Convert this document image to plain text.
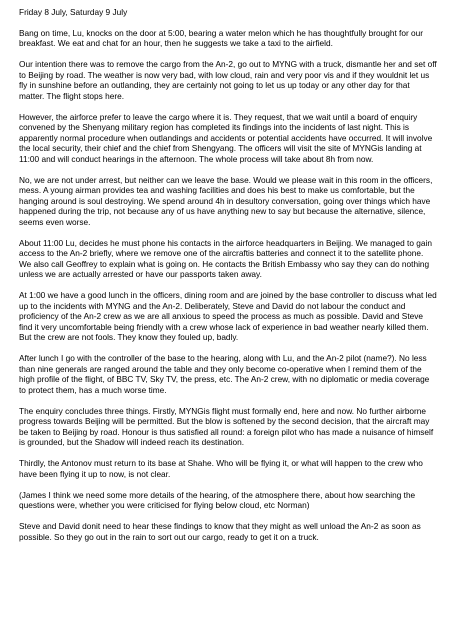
Friday 8 July, Saturday 9 July

Bang on time, Lu, knocks on the door at 5:00, bearing a water melon which he has thoughtfully brought for our breakfast. We eat and chat for an hour, then he suggests we take a taxi to the airfield.

Our intention there was to remove the cargo from the An-2, go out to MYNG with a truck, dismantle her and set off to Beijing by road. The weather is now very bad, with low cloud, rain and very poor vis and if they wouldnit let us fly in sunshine before an outlanding, they are certainly not going to let us up today or any other day for that matter. The flight stops here.

However, the airforce prefer to leave the cargo where it is. They request, that we wait until a board of enquiry convened by the Shenyang military region has completed its findings into the incidents of last night. This is apparently normal procedure when outlandings and accidents or potential accidents have occurred. It will involve the local security, their chief and the chief from Shengyang. The officers will visit the site of MYNGis landing at 11:00 and will conduct hearings in the afternoon. The whole process will take about 8h from now.

No, we are not under arrest, but neither can we leave the base. Would we please wait in this room in the officers, mess. A young airman provides tea and washing facilities and does his best to make us comfortable, but the hanging around is soul destroying. We spend around 4h in desultory conversation, going over things which have happened during the trip, not because any of us have anything new to say but because the alternative, silence, seems even worse.

About 11:00 Lu, decides he must phone his contacts in the airforce headquarters in Beijing. We managed to gain access to the An-2 briefly, where we remove one of the aircraftis batteries and connect it to the satellite phone. We also call Geoffrey to explain what is going on. He contacts the British Embassy who say they can do nothing unless we are actually arrested or have our passports taken away.

At 1:00 we have a good lunch in the officers, dining room and are joined by the base controller to discuss what led up to the incidents with MYNG and the An-2. Deliberately, Steve and David do not labour the conduct and proficiency of the An-2 crew as we are all anxious to speed the process as much as possible. David and Steve find it very uncomfortable being friendly with a crew whose lack of experience in bad weather nearly killed them. But the crew are not fools. They know they fouled up, badly.

After lunch I go with the controller of the base to the hearing, along with Lu, and the An-2 pilot (name?). No less than nine generals are ranged around the table and they only become co-operative when I remind them of the high profile of the flight, of BBC TV, Sky TV, the press, etc. The An-2 crew, with no diplomatic or media coverage to protect them, has a much worse time.

The enquiry concludes three things. Firstly, MYNGis flight must formally end, here and now. No further airborne progress towards Beijing will be permitted. But the blow is softened by the second decision, that the aircraft may be taken to Beijing by road. Honour is thus satisfied all round: a foreign pilot who has made a nuisance of himself is grounded, but the Shadow will indeed reach its destination.

Thirdly, the Antonov must return to its base at Shahe. Who will be flying it, or what will happen to the crew who have been flying it up to now, is not clear.

(James I think we need some more details of the hearing, of the atmosphere there, about how searching the questions were, whether you were criticised for flying below cloud, etc Norman)

Steve and David donit need to hear these findings to know that they might as well unload the An-2 as soon as possible. So they go out in the rain to sort out our cargo, ready to get it on a truck.
